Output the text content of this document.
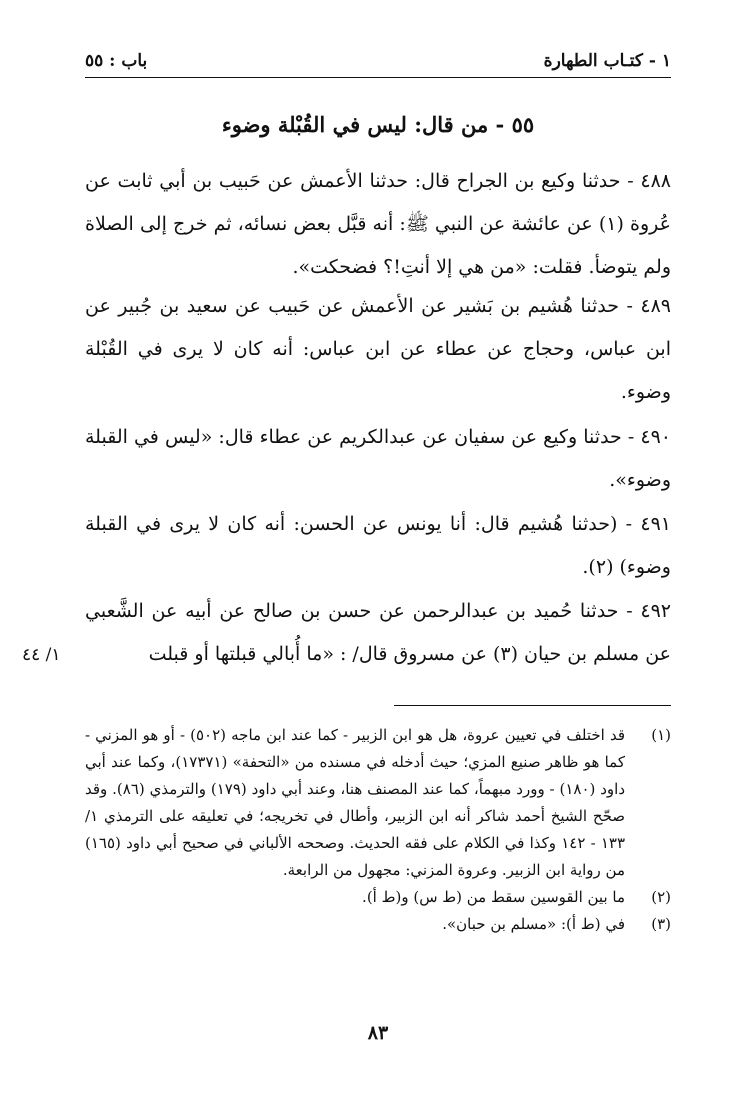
١ - كتـاب الطهارة
باب : ٥٥
٥٥ - من قال: ليس في القُبْلة وضوء
٤٨٨ - حدثنا وكيع بن الجراح قال: حدثنا الأعمش عن حَبيب بن أبي ثابت عن عُروة (١) عن عائشة عن النبي ﷺ: أنه قبَّل بعض نسائه، ثم خرج إلى الصلاة ولم يتوضأ. فقلت: «من هي إلا أنتِ!؟ فضحكت».
٤٨٩ - حدثنا هُشيم بن بَشير عن الأعمش عن حَبيب عن سعيد بن جُبير عن ابن عباس، وحجاج عن عطاء عن ابن عباس: أنه كان لا يرى في القُبْلة وضوء.
٤٩٠ - حدثنا وكيع عن سفيان عن عبدالكريم عن عطاء قال: «ليس في القبلة وضوء».
٤٩١ - (حدثنا هُشيم قال: أنا يونس عن الحسن: أنه كان لا يرى في القبلة وضوء) (٢).
٤٩٢ - حدثنا حُميد بن عبدالرحمن عن حسن بن صالح عن أبيه عن الشَّعبي عن مسلم بن حيان (٣) عن مسروق قال/ : «ما أُبالي قبلتها أو قبلت
١/ ٤٤
(١)
قد اختلف في تعيين عروة، هل هو ابن الزبير - كما عند ابن ماجه (٥٠٢) - أو هو المزني - كما هو ظاهر صنيع المزي؛ حيث أدخله في مسنده من «التحفة» (١٧٣٧١)، وكما عند أبي داود (١٨٠) - وورد مبهماً، كما عند المصنف هنا، وعند أبي داود (١٧٩) والترمذي (٨٦). وقد صحّح الشيخ أحمد شاكر أنه ابن الزبير، وأطال في تخريجه؛ في تعليقه على الترمذي ١/ ١٣٣ - ١٤٢ وكذا في الكلام على فقه الحديث. وصححه الألباني في صحيح أبي داود (١٦٥) من رواية ابن الزبير. وعروة المزني: مجهول من الرابعة.
(٢)
ما بين القوسين سقط من (ط س) و(ط أ).
(٣)
في (ط أ): «مسلم بن حبان».
٨٣
